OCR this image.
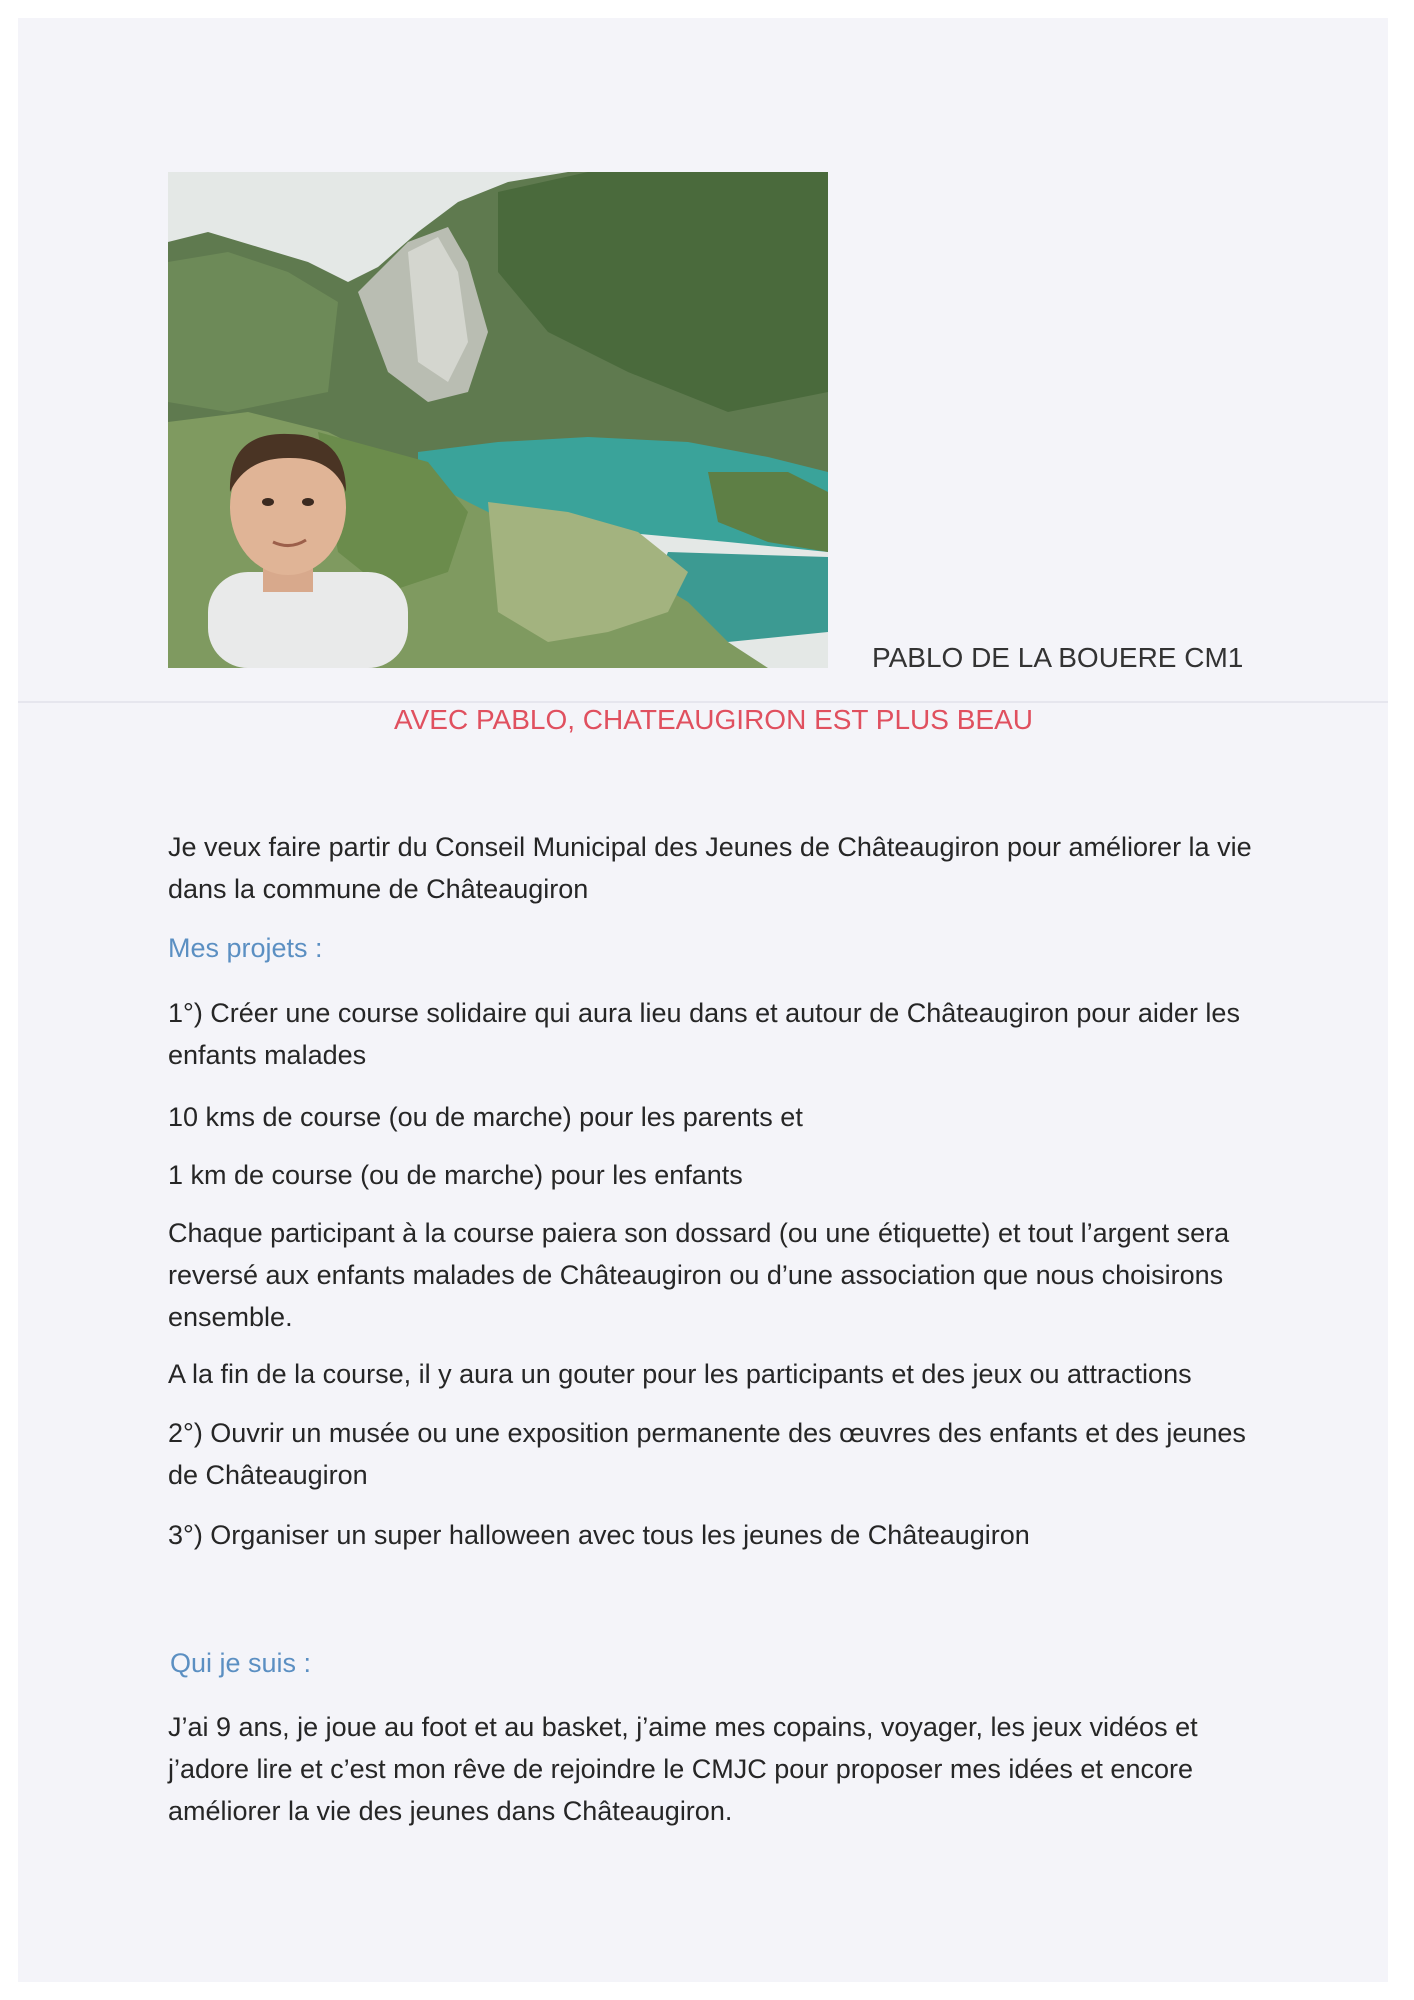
PABLO DE LA BOUERE CM1
AVEC PABLO, CHATEAUGIRON EST PLUS BEAU

Je veux faire partir du Conseil Municipal des Jeunes de Châteaugiron pour améliorer la vie dans la commune de Châteaugiron

Mes projets :

1°) Créer une course solidaire qui aura lieu dans et autour de Châteaugiron pour aider les enfants malades

10 kms de course (ou de marche) pour les parents et

1 km de course (ou de marche) pour les enfants

Chaque participant à la course paiera son dossard (ou une étiquette) et tout l’argent sera reversé aux enfants malades de Châteaugiron ou d’une association que nous choisirons ensemble.

A la fin de la course, il y aura un gouter pour les participants et des jeux ou attractions

2°) Ouvrir un musée ou une exposition permanente des œuvres des enfants et des jeunes de Châteaugiron

3°) Organiser un super halloween avec tous les jeunes de Châteaugiron

Qui je suis :

J’ai 9 ans, je joue au foot et au basket, j’aime mes copains, voyager, les jeux vidéos et j’adore lire et c’est mon rêve de rejoindre le CMJC pour proposer mes idées et encore améliorer la vie des jeunes dans Châteaugiron.
